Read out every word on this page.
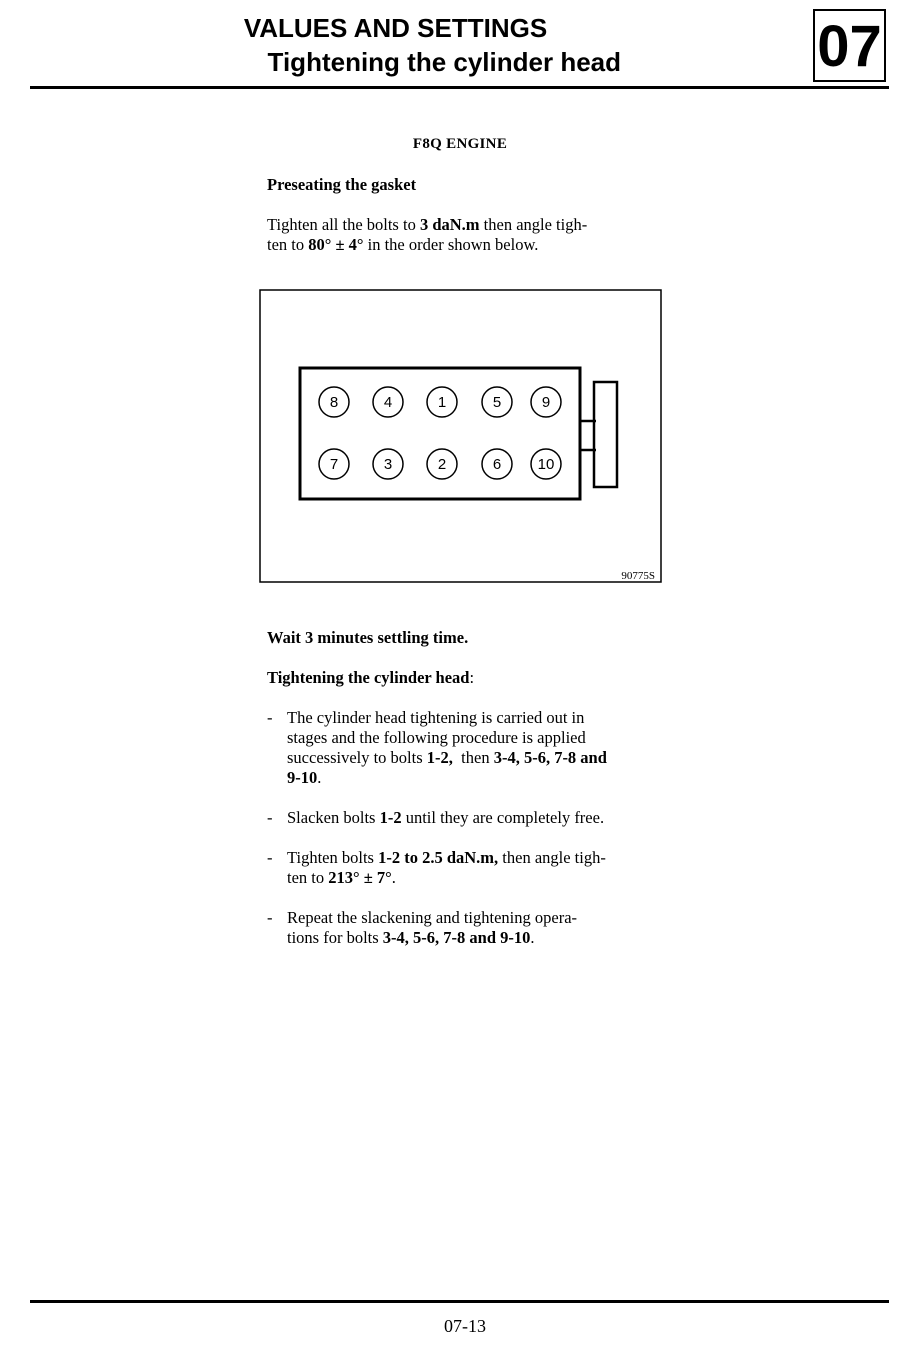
VALUES AND SETTINGS
Tightening the cylinder head	07
F8Q ENGINE
Preseating the gasket
Tighten all the bolts to 3 daN.m then angle tigh-
ten to 80° ± 4° in the order shown below.
8	4	1	5	9
7	3	2	6 10
90775S
Wait 3 minutes settling time.
Tightening the cylinder head:
- The cylinder head tightening is carried out in
stages and the following procedure is applied
successively to bolts 1-2,  then 3-4, 5-6, 7-8 and
9-10.
- Slacken bolts 1-2 until they are completely free.
- Tighten bolts 1-2 to 2.5 daN.m, then angle tigh-
ten to 213° ± 7°.
- Repeat the slackening and tightening opera-
tions for bolts 3-4, 5-6, 7-8 and 9-10.
07-13
